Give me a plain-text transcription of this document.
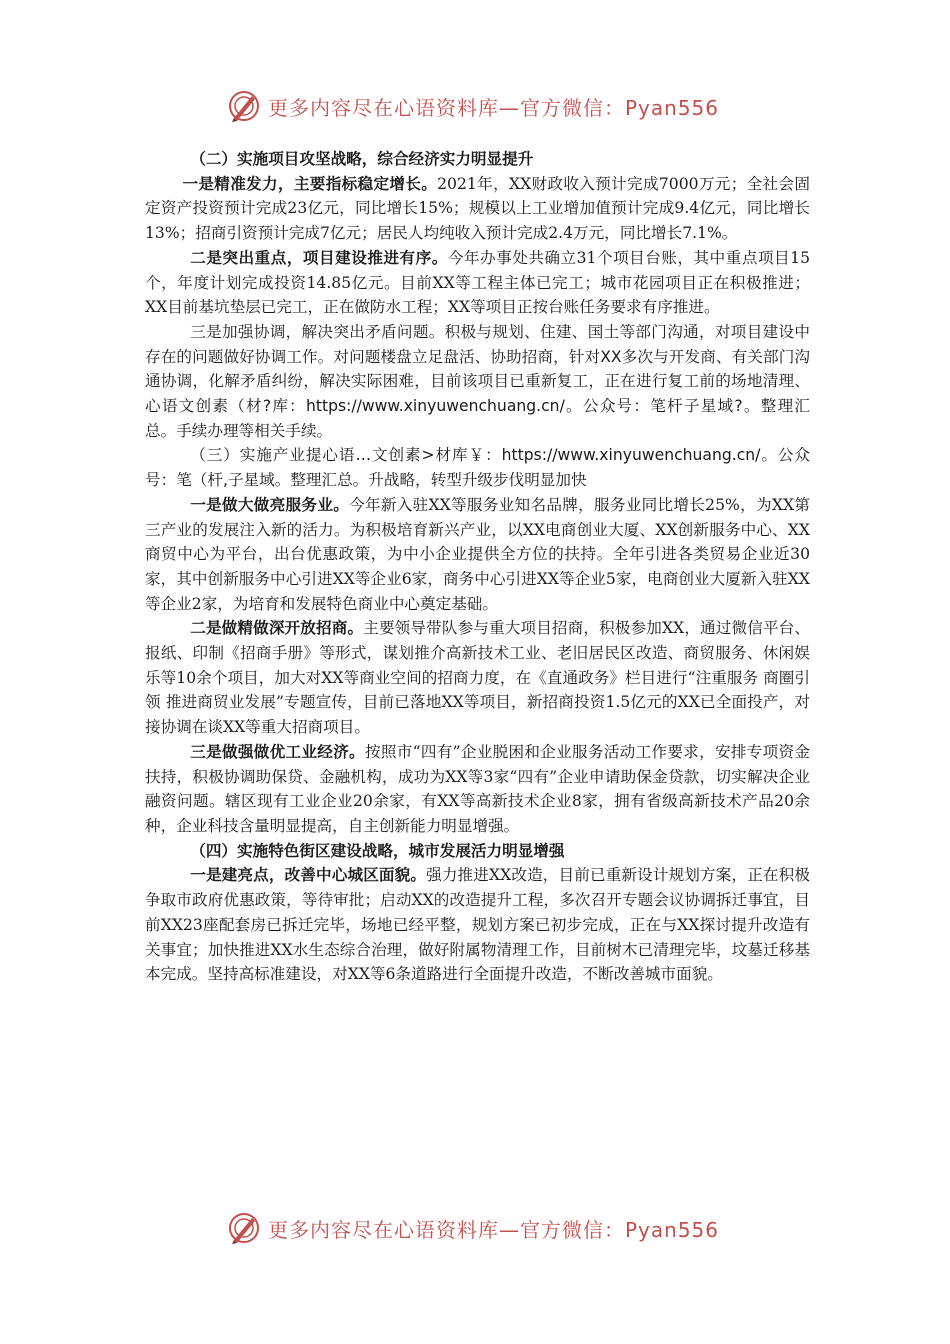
更多内容尽在心语资料库—官方微信：Pyan556

（二）实施项目攻坚战略，综合经济实力明显提升

一是精准发力，主要指标稳定增长。2021年，XX财政收入预计完成7000万元；全社会固定资产投资预计完成23亿元，同比增长15%；规模以上工业增加值预计完成9.4亿元，同比增长13%；招商引资预计完成7亿元；居民人均纯收入预计完成2.4万元，同比增长7.1%。

二是突出重点，项目建设推进有序。今年办事处共确立31个项目台账，其中重点项目15个，年度计划完成投资14.85亿元。目前XX等工程主体已完工；城市花园项目正在积极推进；XX目前基坑垫层已完工，正在做防水工程；XX等项目正按台账任务要求有序推进。

三是加强协调，解决突出矛盾问题。积极与规划、住建、国土等部门沟通，对项目建设中存在的问题做好协调工作。对问题楼盘立足盘活、协助招商，针对XX多次与开发商、有关部门沟通协调，化解矛盾纠纷，解决实际困难，目前该项目已重新复工，正在进行复工前的场地清理、心语文创素（材?库：https://www.xinyuwenchuang.cn/。公众号：笔杆子星域?。整理汇总。手续办理等相关手续。

（三）实施产业提心语…文创素>材库￥：https://www.xinyuwenchuang.cn/。公众号：笔（杆,子星域。整理汇总。升战略，转型升级步伐明显加快

一是做大做亮服务业。今年新入驻XX等服务业知名品牌，服务业同比增长25%，为XX第三产业的发展注入新的活力。为积极培育新兴产业，以XX电商创业大厦、XX创新服务中心、XX商贸中心为平台，出台优惠政策，为中小企业提供全方位的扶持。全年引进各类贸易企业近30家，其中创新服务中心引进XX等企业6家，商务中心引进XX等企业5家，电商创业大厦新入驻XX等企业2家，为培育和发展特色商业中心奠定基础。

二是做精做深开放招商。主要领导带队参与重大项目招商，积极参加XX，通过微信平台、报纸、印制《招商手册》等形式，谋划推介高新技术工业、老旧居民区改造、商贸服务、休闲娱乐等10余个项目，加大对XX等商业空间的招商力度，在《直通政务》栏目进行“注重服务 商圈引领 推进商贸业发展”专题宣传，目前已落地XX等项目，新招商投资1.5亿元的XX已全面投产，对接协调在谈XX等重大招商项目。

三是做强做优工业经济。按照市“四有”企业脱困和企业服务活动工作要求，安排专项资金扶持，积极协调助保贷、金融机构，成功为XX等3家“四有”企业申请助保金贷款，切实解决企业融资问题。辖区现有工业企业20余家，有XX等高新技术企业8家，拥有省级高新技术产品20余种，企业科技含量明显提高，自主创新能力明显增强。

（四）实施特色街区建设战略，城市发展活力明显增强

一是建亮点，改善中心城区面貌。强力推进XX改造，目前已重新设计规划方案，正在积极争取市政府优惠政策，等待审批；启动XX的改造提升工程，多次召开专题会议协调拆迁事宜，目前XX23座配套房已拆迁完毕，场地已经平整，规划方案已初步完成，正在与XX探讨提升改造有关事宜；加快推进XX水生态综合治理，做好附属物清理工作，目前树木已清理完毕，坟墓迁移基本完成。坚持高标准建设，对XX等6条道路进行全面提升改造，不断改善城市面貌。

更多内容尽在心语资料库—官方微信：Pyan556
